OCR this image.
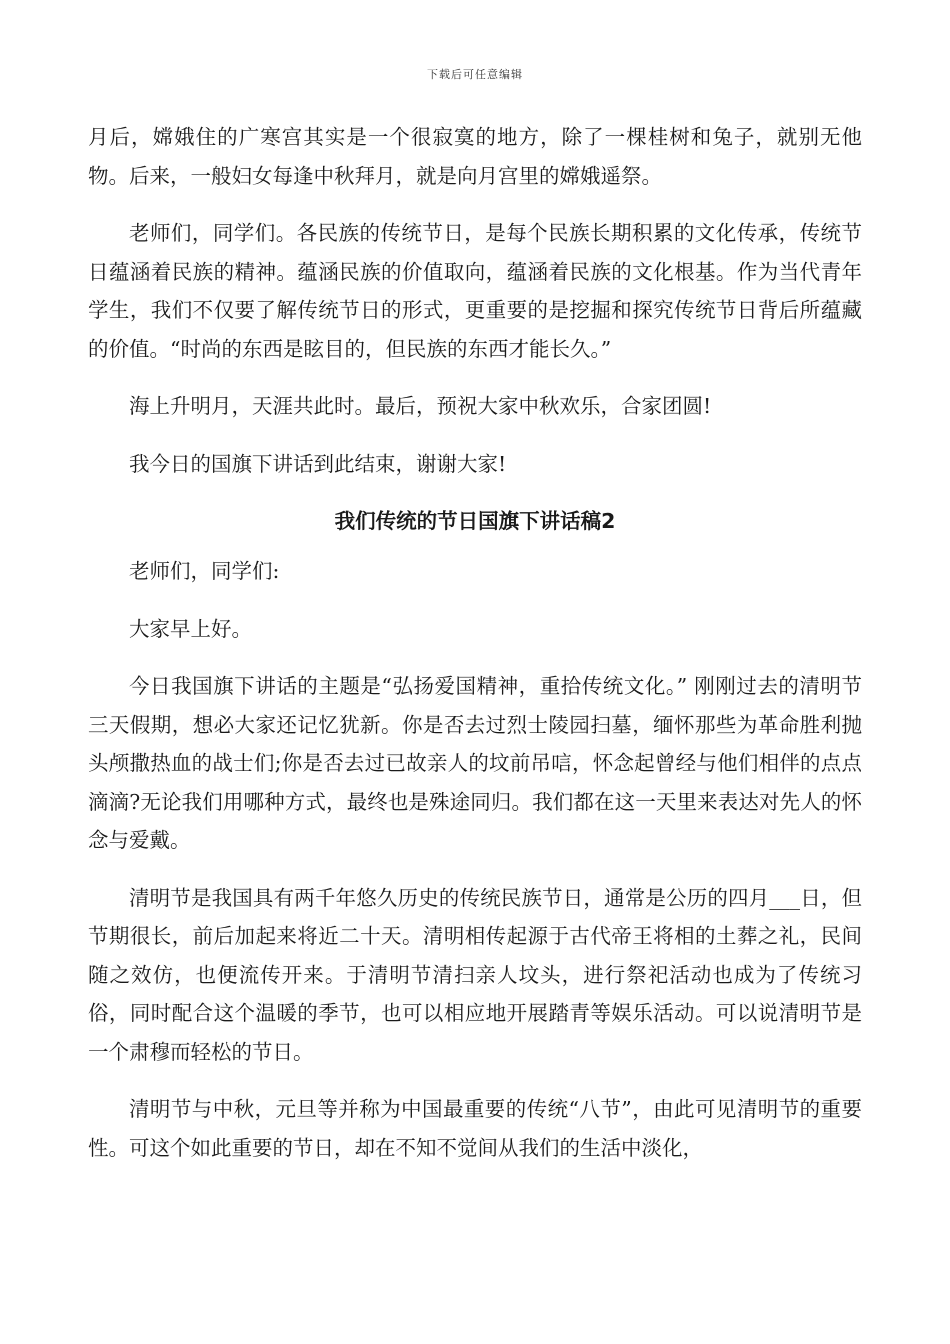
下载后可任意编辑

月后，嫦娥住的广寒宫其实是一个很寂寞的地方，除了一棵桂树和兔子，就别无他物。后来，一般妇女每逢中秋拜月，就是向月宫里的嫦娥遥祭。

老师们，同学们。各民族的传统节日，是每个民族长期积累的文化传承，传统节日蕴涵着民族的精神。蕴涵民族的价值取向，蕴涵着民族的文化根基。作为当代青年学生，我们不仅要了解传统节日的形式，更重要的是挖掘和探究传统节日背后所蕴藏的价值。“时尚的东西是眩目的，但民族的东西才能长久。”

海上升明月，天涯共此时。最后，预祝大家中秋欢乐，合家团圆!

我今日的国旗下讲话到此结束，谢谢大家!

我们传统的节日国旗下讲话稿2

老师们，同学们:

大家早上好。

今日我国旗下讲话的主题是“弘扬爱国精神，重拾传统文化。” 刚刚过去的清明节三天假期，想必大家还记忆犹新。你是否去过烈士陵园扫墓，缅怀那些为革命胜利抛头颅撒热血的战士们;你是否去过已故亲人的坟前吊唁，怀念起曾经与他们相伴的点点滴滴?无论我们用哪种方式，最终也是殊途同归。我们都在这一天里来表达对先人的怀念与爱戴。

清明节是我国具有两千年悠久历史的传统民族节日，通常是公历的四月___日，但节期很长，前后加起来将近二十天。清明相传起源于古代帝王将相的土葬之礼，民间随之效仿，也便流传开来。于清明节清扫亲人坟头，进行祭祀活动也成为了传统习俗，同时配合这个温暖的季节，也可以相应地开展踏青等娱乐活动。可以说清明节是一个肃穆而轻松的节日。

清明节与中秋，元旦等并称为中国最重要的传统“八节”，由此可见清明节的重要性。可这个如此重要的节日，却在不知不觉间从我们的生活中淡化，
